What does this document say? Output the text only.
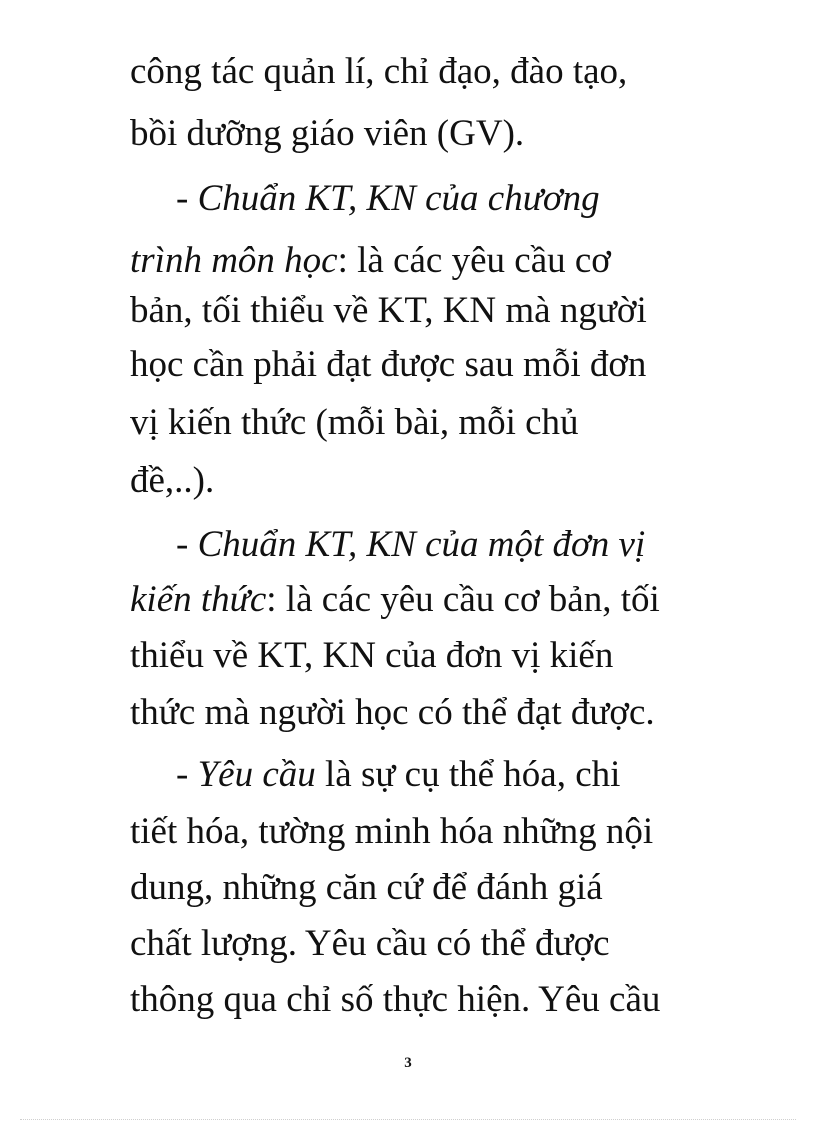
công tác quản lí, chỉ đạo, đào tạo,
bồi dưỡng giáo viên (GV).
- Chuẩn KT, KN của chương
trình môn học: là các yêu cầu cơ
bản, tối thiểu về KT, KN mà người
học cần phải đạt được sau mỗi đơn
vị kiến thức (mỗi bài, mỗi chủ
đề,..).
- Chuẩn KT, KN của một đơn vị
kiến thức: là các yêu cầu cơ bản, tối
thiểu về KT, KN của đơn vị kiến
thức mà người học có thể đạt được.
- Yêu cầu là sự cụ thể hóa, chi
tiết hóa, tường minh hóa những nội
dung, những căn cứ để đánh giá
chất lượng. Yêu cầu có thể được
thông qua chỉ số thực hiện. Yêu cầu
3
